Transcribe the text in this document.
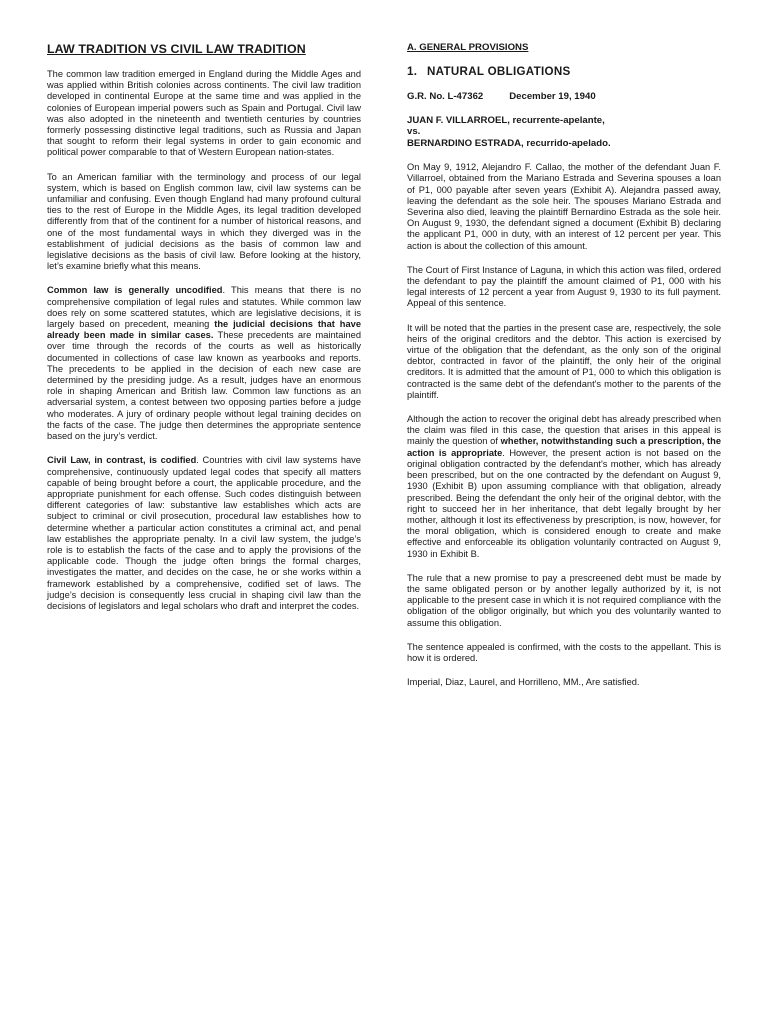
LAW TRADITION VS CIVIL LAW TRADITION

The common law tradition emerged in England during the Middle Ages and was applied within British colonies across continents. The civil law tradition developed in continental Europe at the same time and was applied in the colonies of European imperial powers such as Spain and Portugal. Civil law was also adopted in the nineteenth and twentieth centuries by countries formerly possessing distinctive legal traditions, such as Russia and Japan that sought to reform their legal systems in order to gain economic and political power comparable to that of Western European nation-states.

To an American familiar with the terminology and process of our legal system, which is based on English common law, civil law systems can be unfamiliar and confusing. Even though England had many profound cultural ties to the rest of Europe in the Middle Ages, its legal tradition developed differently from that of the continent for a number of historical reasons, and one of the most fundamental ways in which they diverged was in the establishment of judicial decisions as the basis of common law and legislative decisions as the basis of civil law. Before looking at the history, let’s examine briefly what this means.

Common law is generally uncodified. This means that there is no comprehensive compilation of legal rules and statutes. While common law does rely on some scattered statutes, which are legislative decisions, it is largely based on precedent, meaning the judicial decisions that have already been made in similar cases. These precedents are maintained over time through the records of the courts as well as historically documented in collections of case law known as yearbooks and reports. The precedents to be applied in the decision of each new case are determined by the presiding judge. As a result, judges have an enormous role in shaping American and British law. Common law functions as an adversarial system, a contest between two opposing parties before a judge who moderates. A jury of ordinary people without legal training decides on the facts of the case. The judge then determines the appropriate sentence based on the jury’s verdict.

Civil Law, in contrast, is codified. Countries with civil law systems have comprehensive, continuously updated legal codes that specify all matters capable of being brought before a court, the applicable procedure, and the appropriate punishment for each offense. Such codes distinguish between different categories of law: substantive law establishes which acts are subject to criminal or civil prosecution, procedural law establishes how to determine whether a particular action constitutes a criminal act, and penal law establishes the appropriate penalty. In a civil law system, the judge’s role is to establish the facts of the case and to apply the provisions of the applicable code. Though the judge often brings the formal charges, investigates the matter, and decides on the case, he or she works within a framework established by a comprehensive, codified set of laws. The judge’s decision is consequently less crucial in shaping civil law than the decisions of legislators and legal scholars who draft and interpret the codes.

A. GENERAL PROVISIONS
1. NATURAL OBLIGATIONS
G.R. No. L-47362	December 19, 1940
JUAN F. VILLARROEL, recurrente-apelante,
vs.
BERNARDINO ESTRADA, recurrido-apelado.

On May 9, 1912, Alejandro F. Callao, the mother of the defendant Juan F. Villarroel, obtained from the Mariano Estrada and Severina spouses a loan of P1, 000 payable after seven years (Exhibit A). Alejandra passed away, leaving the defendant as the sole heir. The spouses Mariano Estrada and Severina also died, leaving the plaintiff Bernardino Estrada as the sole heir. On August 9, 1930, the defendant signed a document (Exhibit B) declaring the applicant P1, 000 in duty, with an interest of 12 percent per year. This action is about the collection of this amount.

The Court of First Instance of Laguna, in which this action was filed, ordered the defendant to pay the plaintiff the amount claimed of P1, 000 with his legal interests of 12 percent a year from August 9, 1930 to its full payment. Appeal of this sentence.

It will be noted that the parties in the present case are, respectively, the sole heirs of the original creditors and the debtor. This action is exercised by virtue of the obligation that the defendant, as the only son of the original debtor, contracted in favor of the plaintiff, the only heir of the original creditors. It is admitted that the amount of P1, 000 to which this obligation is contracted is the same debt of the defendant's mother to the parents of the plaintiff.

Although the action to recover the original debt has already prescribed when the claim was filed in this case, the question that arises in this appeal is mainly the question of whether, notwithstanding such a prescription, the action is appropriate. However, the present action is not based on the original obligation contracted by the defendant's mother, which has already been prescribed, but on the one contracted by the defendant on August 9, 1930 (Exhibit B) upon assuming compliance with that obligation, already prescribed. Being the defendant the only heir of the original debtor, with the right to succeed her in her inheritance, that debt legally brought by her mother, although it lost its effectiveness by prescription, is now, however, for the moral obligation, which is considered enough to create and make effective and enforceable its obligation voluntarily contracted on August 9, 1930 in Exhibit B.

The rule that a new promise to pay a prescreened debt must be made by the same obligated person or by another legally authorized by it, is not applicable to the present case in which it is not required compliance with the obligation of the obligor originally, but which you des voluntarily wanted to assume this obligation.

The sentence appealed is confirmed, with the costs to the appellant. This is how it is ordered.

Imperial, Diaz, Laurel, and Horrilleno, MM., Are satisfied.
